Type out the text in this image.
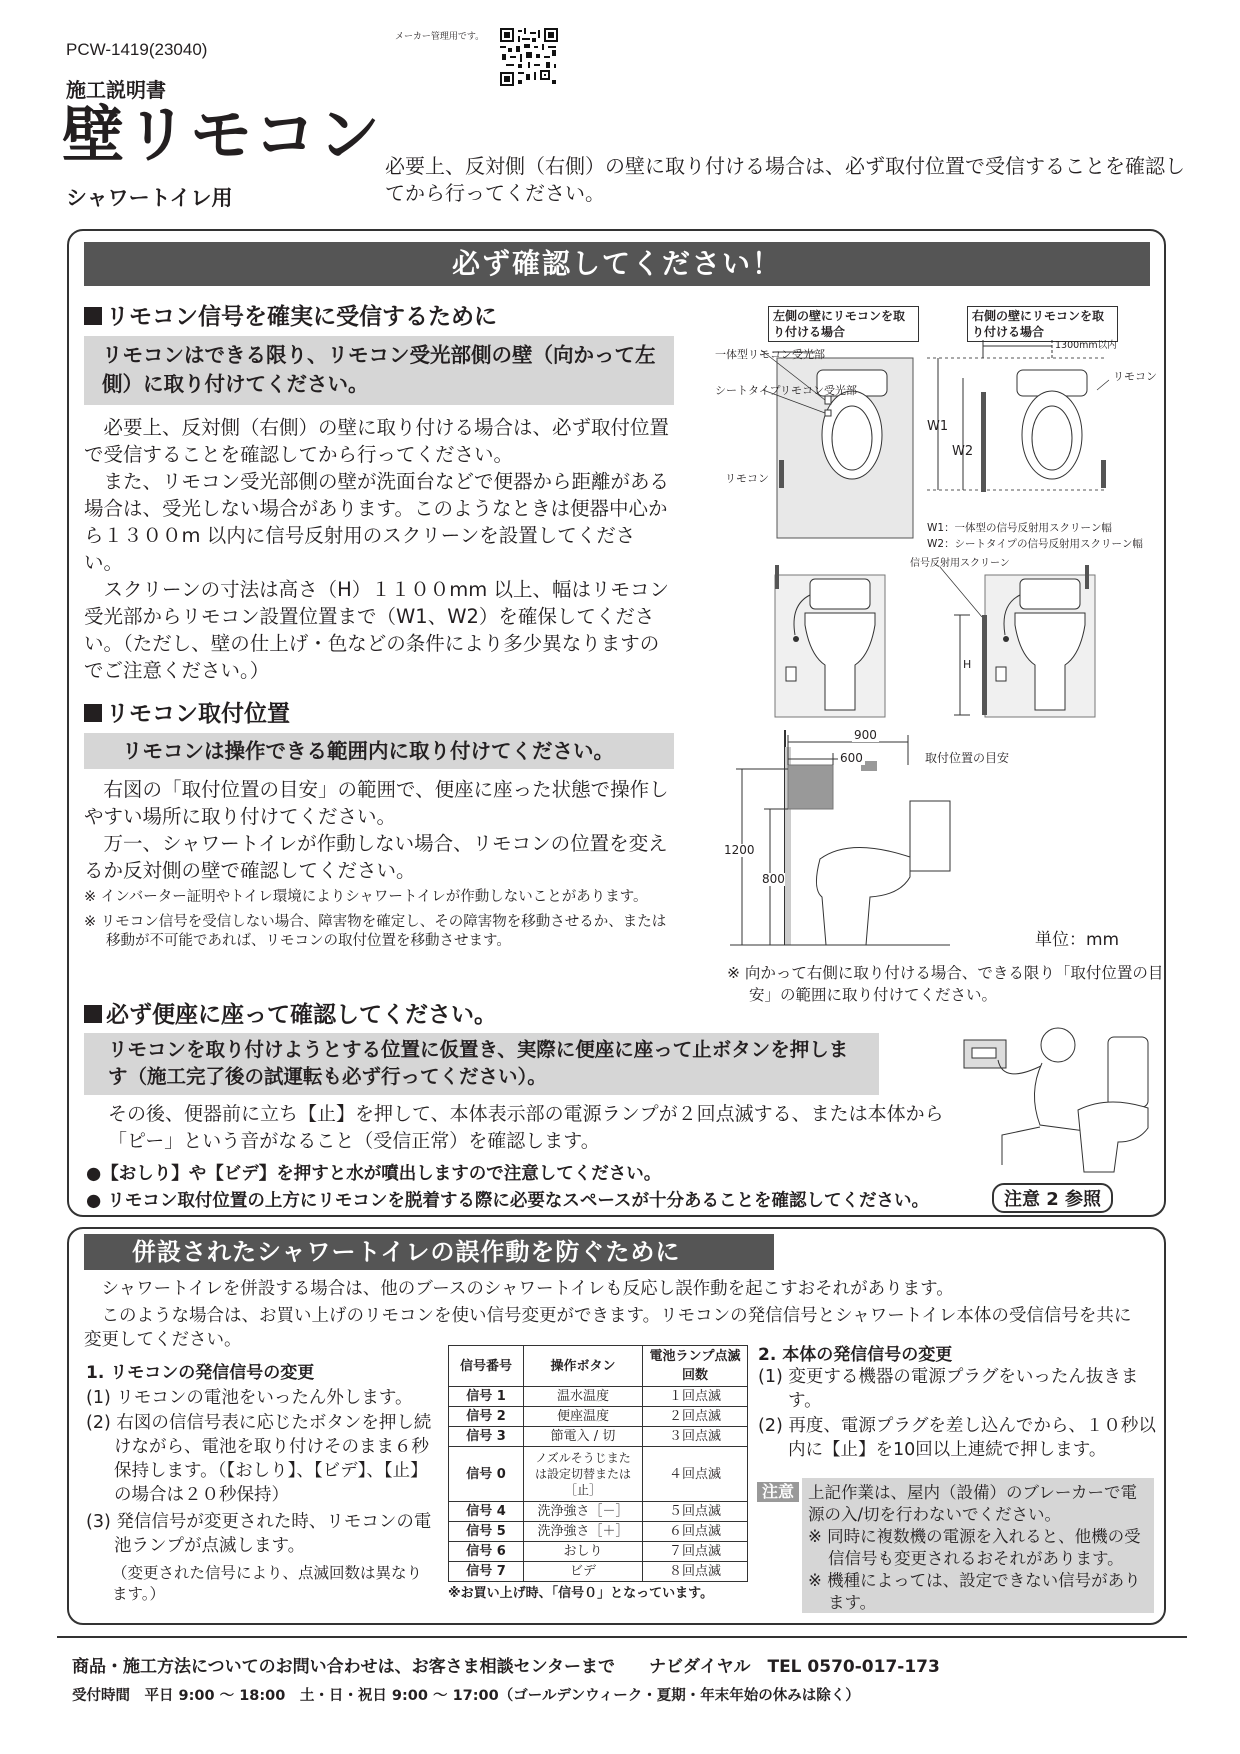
PCW-1419(23040)
メーカー管理用です。
施工説明書
壁リモコン
シャワートイレ用
必要上、反対側（右側）の壁に取り付ける場合は、必ず取付位置で受信することを確認してから行ってください。
必ず確認してください！
リモコン信号を確実に受信するために
リモコンはできる限り、リモコン受光部側の壁（向かって左側）に取り付けてください。

必要上、反対側（右側）の壁に取り付ける場合は、必ず取付位置で受信することを確認してから行ってください。

また、リモコン受光部側の壁が洗面台などで便器から距離がある場合は、受光しない場合があります。このようなときは便器中心から１３００m 以内に信号反射用のスクリーンを設置してください。

スクリーンの寸法は高さ（H）１１００mm 以上、幅はリモコン受光部からリモコン設置位置まで（W1、W2）を確保してください。（ただし、壁の仕上げ・色などの条件により多少異なりますのでご注意ください。）

リモコン取付位置
リモコンは操作できる範囲内に取り付けてください。

右図の「取付位置の目安」の範囲で、便座に座った状態で操作しやすい場所に取り付けてください。

万一、シャワートイレが作動しない場合、リモコンの位置を変えるか反対側の壁で確認してください。

※ インバーター証明やトイレ環境によりシャワートイレが作動しないことがあります。

※ リモコン信号を受信しない場合、障害物を確定し、その障害物を移動させるか、または移動が不可能であれば、リモコンの取付位置を移動させます。

必ず便座に座って確認してください。
リモコンを取り付けようとする位置に仮置き、実際に便座に座って止ボタンを押します（施工完了後の試運転も必ず行ってください）。
その後、便器前に立ち【止】を押して、本体表示部の電源ランプが２回点滅する、または本体から「ピー」という音がなること（受信正常）を確認します。
●【おしり】や【ビデ】を押すと水が噴出しますので注意してください。
● リモコン取付位置の上方にリモコンを脱着する際に必要なスペースが十分あることを確認してください。	注意 2 参照
左側の壁にリモコンを取り付ける場合
右側の壁にリモコンを取り付ける場合
一体型リモコン受光部
シートタイプリモコン受光部
リモコン
リモコン
1300mm以内
W1
W2
W1：一体型の信号反射用スクリーン幅
W2：シートタイプの信号反射用スクリーン幅
信号反射用スクリーン
H
900
600
1200
800
取付位置の目安
単位：mm
※ 向かって右側に取り付ける場合、できる限り「取付位置の目安」の範囲に取り付けてください。
併設されたシャワートイレの誤作動を防ぐために
シャワートイレを併設する場合は、他のブースのシャワートイレも反応し誤作動を起こすおそれがあります。
このような場合は、お買い上げのリモコンを使い信号変更ができます。リモコンの発信信号とシャワートイレ本体の受信信号を共に変更してください。
1. リモコンの発信信号の変更
(1) リモコンの電池をいったん外します。
(2) 右図の信信号表に応じたボタンを押し続けながら、電池を取り付けそのまま６秒保持します。（【おしり】、【ビデ】、【止】の場合は２０秒保持）
(3) 発信信号が変更された時、リモコンの電池ランプが点滅します。
（変更された信号により、点滅回数は異なります。）
信号番号	操作ボタン	電池ランプ点滅回数
信号 1	温水温度	１回点滅
信号 2	便座温度	２回点滅
信号 3	節電入 / 切	３回点滅
信号 0	ノズルそうじまたは設定切替または［止］	４回点滅
信号 4	洗浄強さ［－］	５回点滅
信号 5	洗浄強さ［＋］	６回点滅
信号 6	おしり	７回点滅
信号 7	ビデ	８回点滅
※お買い上げ時、「信号０」となっています。
2. 本体の発信信号の変更
(1) 変更する機器の電源プラグをいったん抜きます。
(2) 再度、電源プラグを差し込んでから、１０秒以内に【止】を10回以上連続で押します。
注意 上記作業は、屋内（設備）のブレーカーで電源の入/切を行わないでください。
※ 同時に複数機の電源を入れると、他機の受信信号も変更されるおそれがあります。
※ 機種によっては、設定できない信号があります。
商品・施工方法についてのお問い合わせは、お客さま相談センターまで　　ナビダイヤル　TEL 0570-017-173
受付時間　平日 9:00 ～ 18:00　土・日・祝日 9:00 ～ 17:00（ゴールデンウィーク・夏期・年末年始の休みは除く）
